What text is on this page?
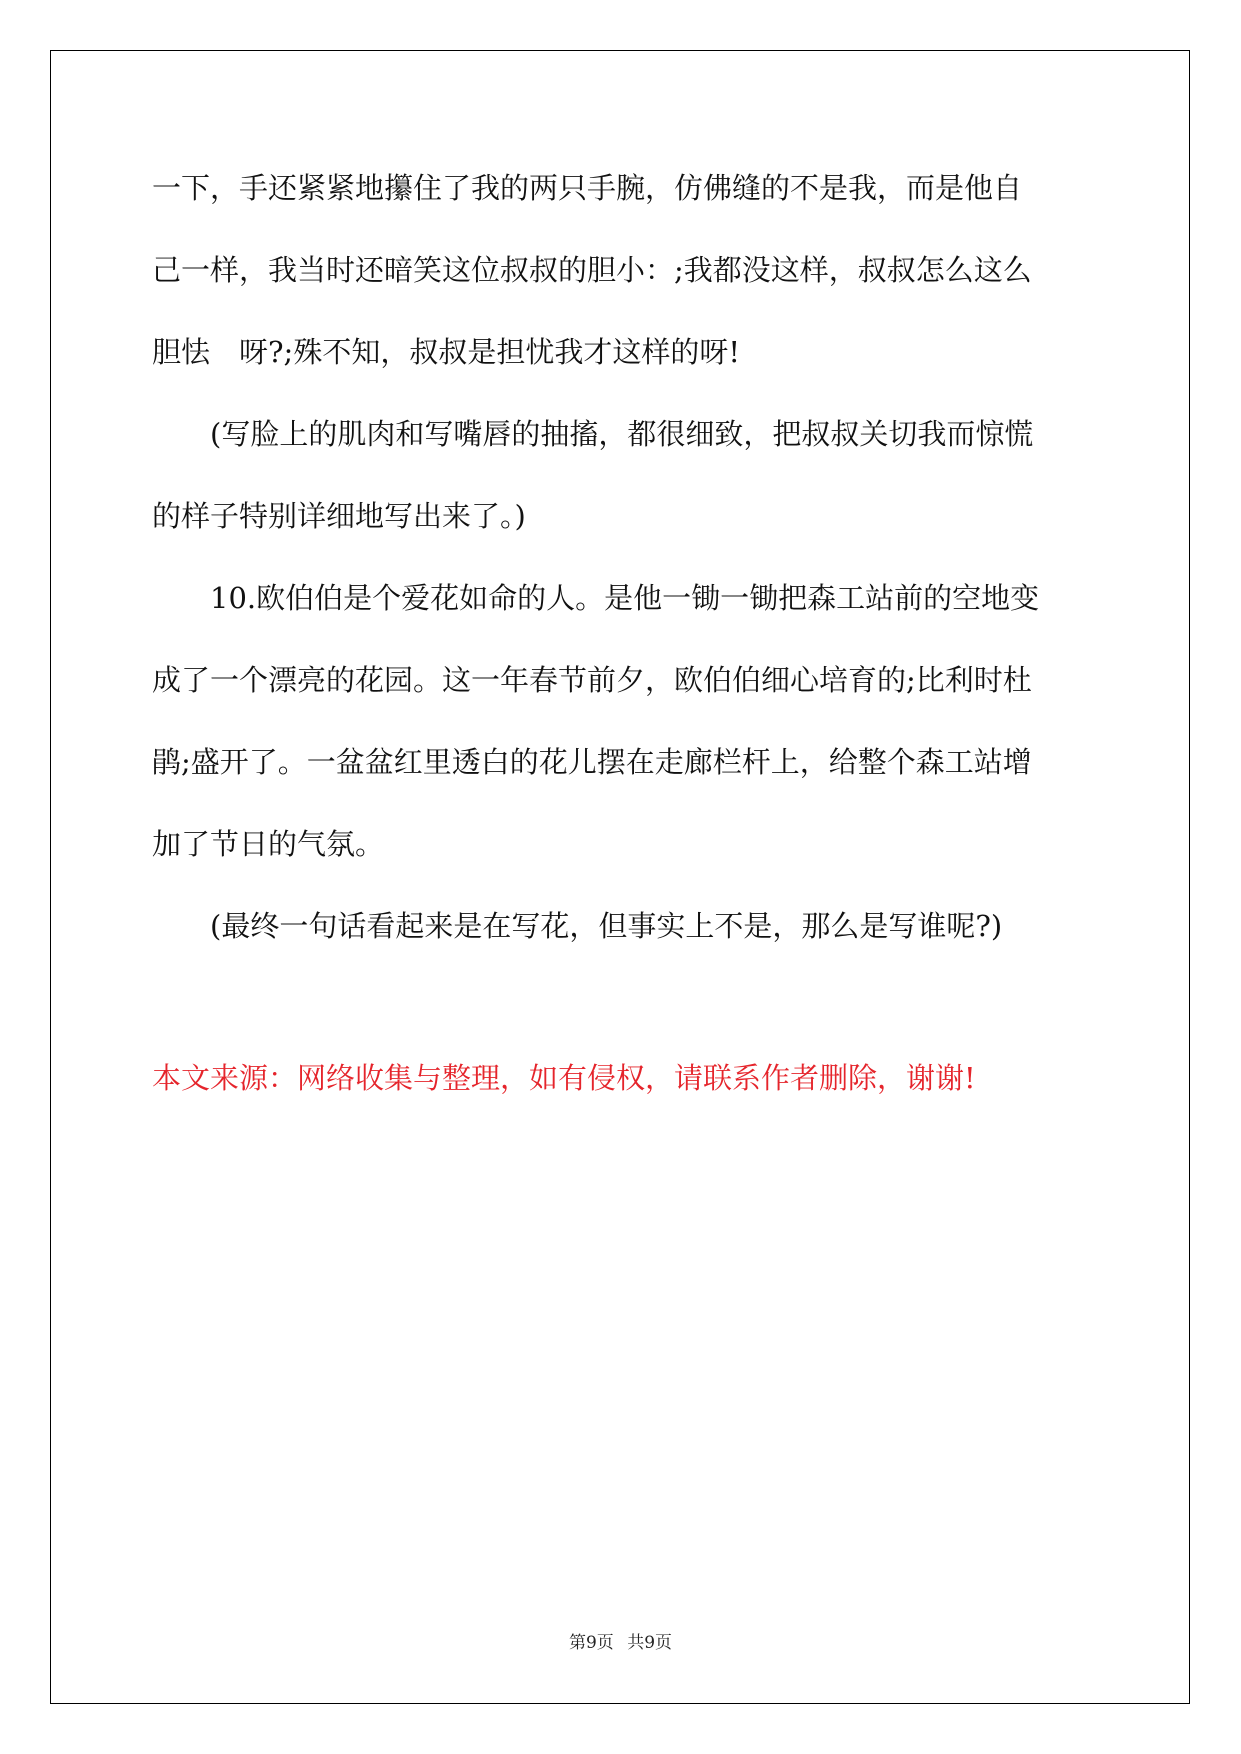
一下，手还紧紧地攥住了我的两只手腕，仿佛缝的不是我，而是他自

己一样，我当时还暗笑这位叔叔的胆小：;我都没这样，叔叔怎么这么

胆怯　呀?;殊不知，叔叔是担忧我才这样的呀!

(写脸上的肌肉和写嘴唇的抽搐，都很细致，把叔叔关切我而惊慌

的样子特别详细地写出来了。)

10.欧伯伯是个爱花如命的人。是他一锄一锄把森工站前的空地变

成了一个漂亮的花园。这一年春节前夕，欧伯伯细心培育的;比利时杜

鹃;盛开了。一盆盆红里透白的花儿摆在走廊栏杆上，给整个森工站增

加了节日的气氛。

(最终一句话看起来是在写花，但事实上不是，那么是写谁呢?)

本文来源：网络收集与整理，如有侵权，请联系作者删除，谢谢!

第9页 共9页
